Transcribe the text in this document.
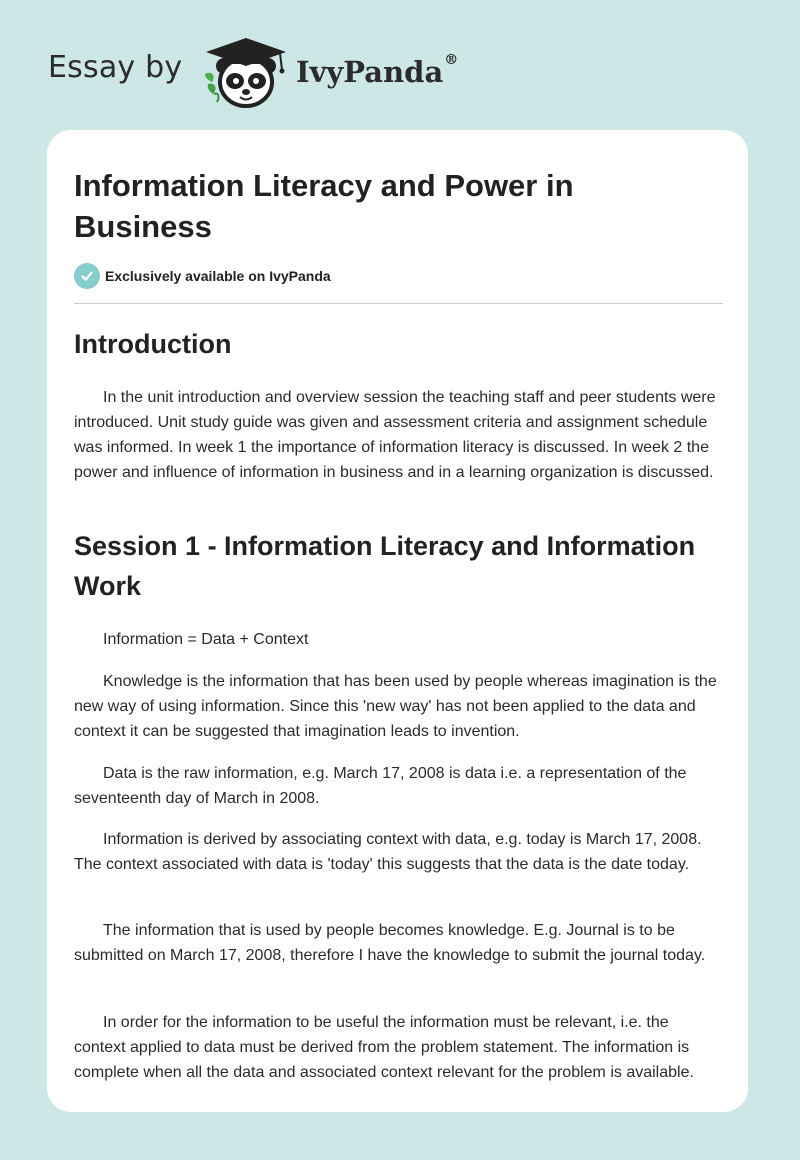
Essay by	IvyPanda®
Information Literacy and Power in Business
Exclusively available on IvyPanda
Introduction

In the unit introduction and overview session the teaching staff and peer students were introduced. Unit study guide was given and assessment criteria and assignment schedule was informed. In week 1 the importance of information literacy is discussed. In week 2 the power and influence of information in business and in a learning organization is discussed.

Session 1 - Information Literacy and Information Work

Information = Data + Context

Knowledge is the information that has been used by people whereas imagination is the new way of using information. Since this 'new way' has not been applied to the data and context it can be suggested that imagination leads to invention.

Data is the raw information, e.g. March 17, 2008 is data i.e. a representation of the seventeenth day of March in 2008.

Information is derived by associating context with data, e.g. today is March 17, 2008. The context associated with data is 'today' this suggests that the data is the date today.

The information that is used by people becomes knowledge. E.g. Journal is to be submitted on March 17, 2008, therefore I have the knowledge to submit the journal today.

In order for the information to be useful the information must be relevant, i.e. the context applied to data must be derived from the problem statement. The information is complete when all the data and associated context relevant for the problem is available.
